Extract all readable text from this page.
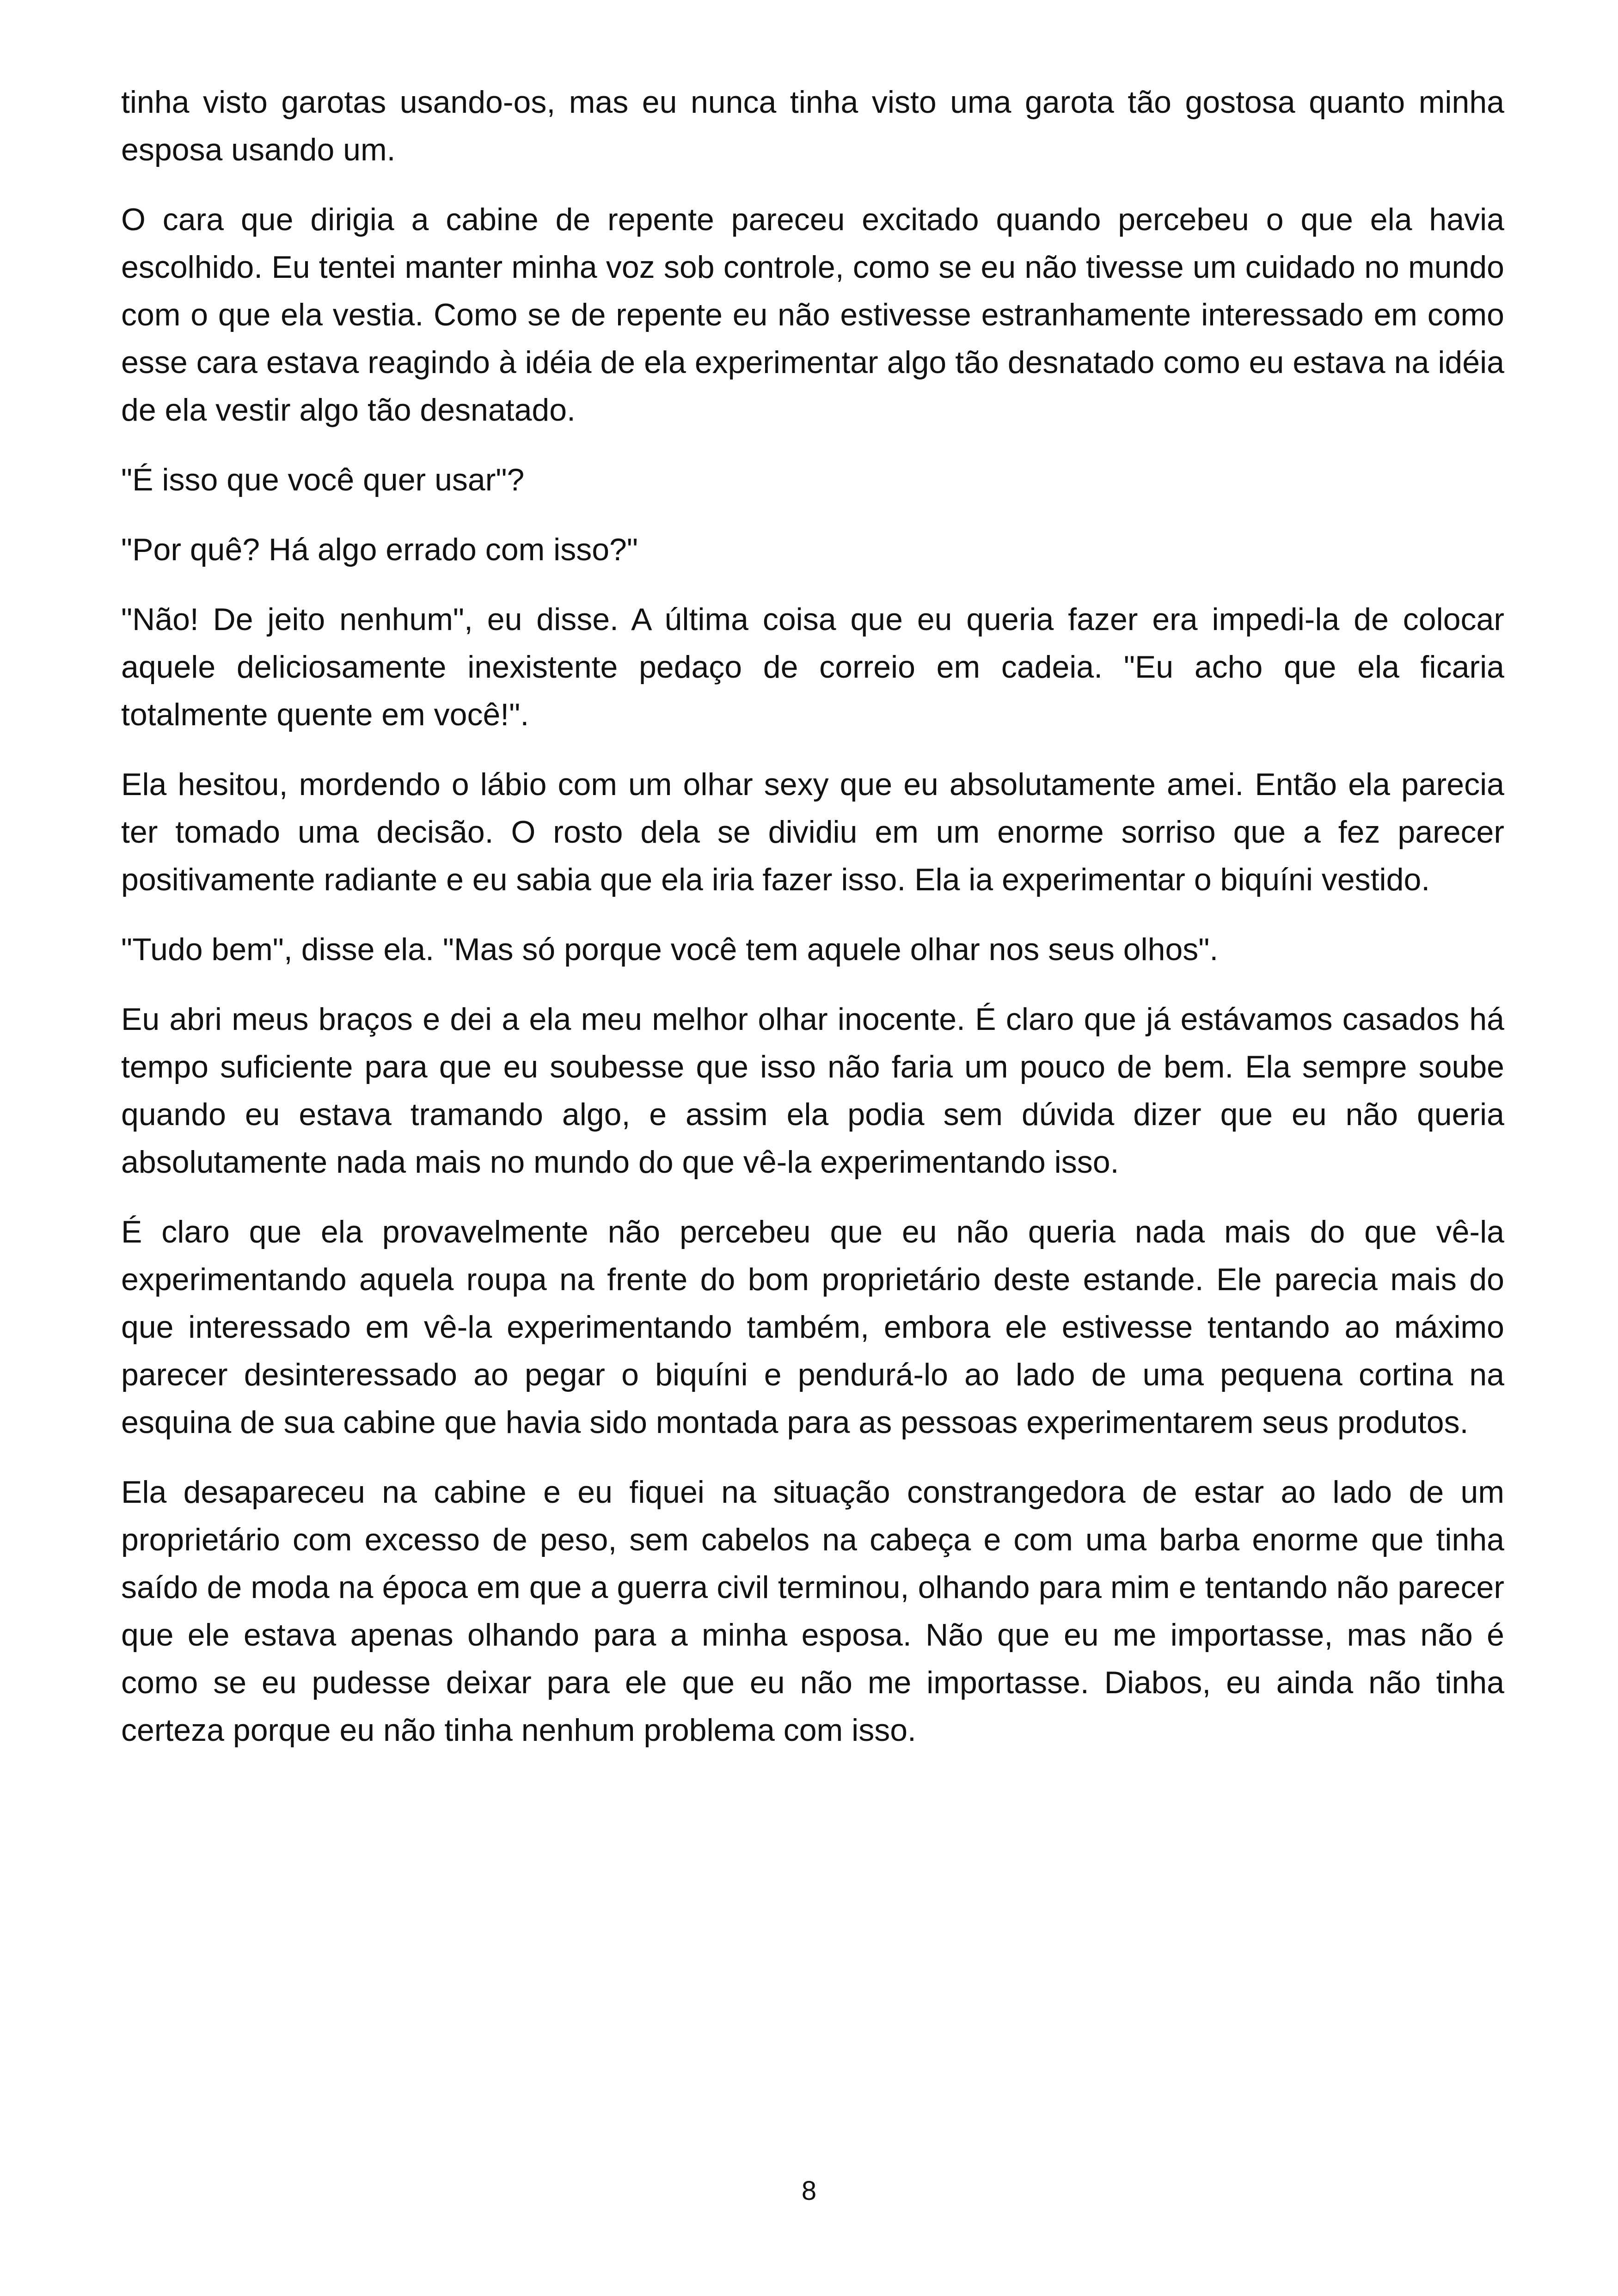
tinha visto garotas usando-os, mas eu nunca tinha visto uma garota tão gostosa quanto minha esposa usando um.

O cara que dirigia a cabine de repente pareceu excitado quando percebeu o que ela havia escolhido. Eu tentei manter minha voz sob controle, como se eu não tivesse um cuidado no mundo com o que ela vestia. Como se de repente eu não estivesse estranhamente interessado em como esse cara estava reagindo à idéia de ela experimentar algo tão desnatado como eu estava na idéia de ela vestir algo tão desnatado.

"É isso que você quer usar"?

"Por quê? Há algo errado com isso?"

"Não! De jeito nenhum", eu disse. A última coisa que eu queria fazer era impedi-la de colocar aquele deliciosamente inexistente pedaço de correio em cadeia. "Eu acho que ela ficaria totalmente quente em você!".

Ela hesitou, mordendo o lábio com um olhar sexy que eu absolutamente amei. Então ela parecia ter tomado uma decisão. O rosto dela se dividiu em um enorme sorriso que a fez parecer positivamente radiante e eu sabia que ela iria fazer isso. Ela ia experimentar o biquíni vestido.

"Tudo bem", disse ela. "Mas só porque você tem aquele olhar nos seus olhos".

Eu abri meus braços e dei a ela meu melhor olhar inocente. É claro que já estávamos casados há tempo suficiente para que eu soubesse que isso não faria um pouco de bem. Ela sempre soube quando eu estava tramando algo, e assim ela podia sem dúvida dizer que eu não queria absolutamente nada mais no mundo do que vê-la experimentando isso.

É claro que ela provavelmente não percebeu que eu não queria nada mais do que vê-la experimentando aquela roupa na frente do bom proprietário deste estande. Ele parecia mais do que interessado em vê-la experimentando também, embora ele estivesse tentando ao máximo parecer desinteressado ao pegar o biquíni e pendurá-lo ao lado de uma pequena cortina na esquina de sua cabine que havia sido montada para as pessoas experimentarem seus produtos.

Ela desapareceu na cabine e eu fiquei na situação constrangedora de estar ao lado de um proprietário com excesso de peso, sem cabelos na cabeça e com uma barba enorme que tinha saído de moda na época em que a guerra civil terminou, olhando para mim e tentando não parecer que ele estava apenas olhando para a minha esposa. Não que eu me importasse, mas não é como se eu pudesse deixar para ele que eu não me importasse. Diabos, eu ainda não tinha certeza porque eu não tinha nenhum problema com isso.

8
